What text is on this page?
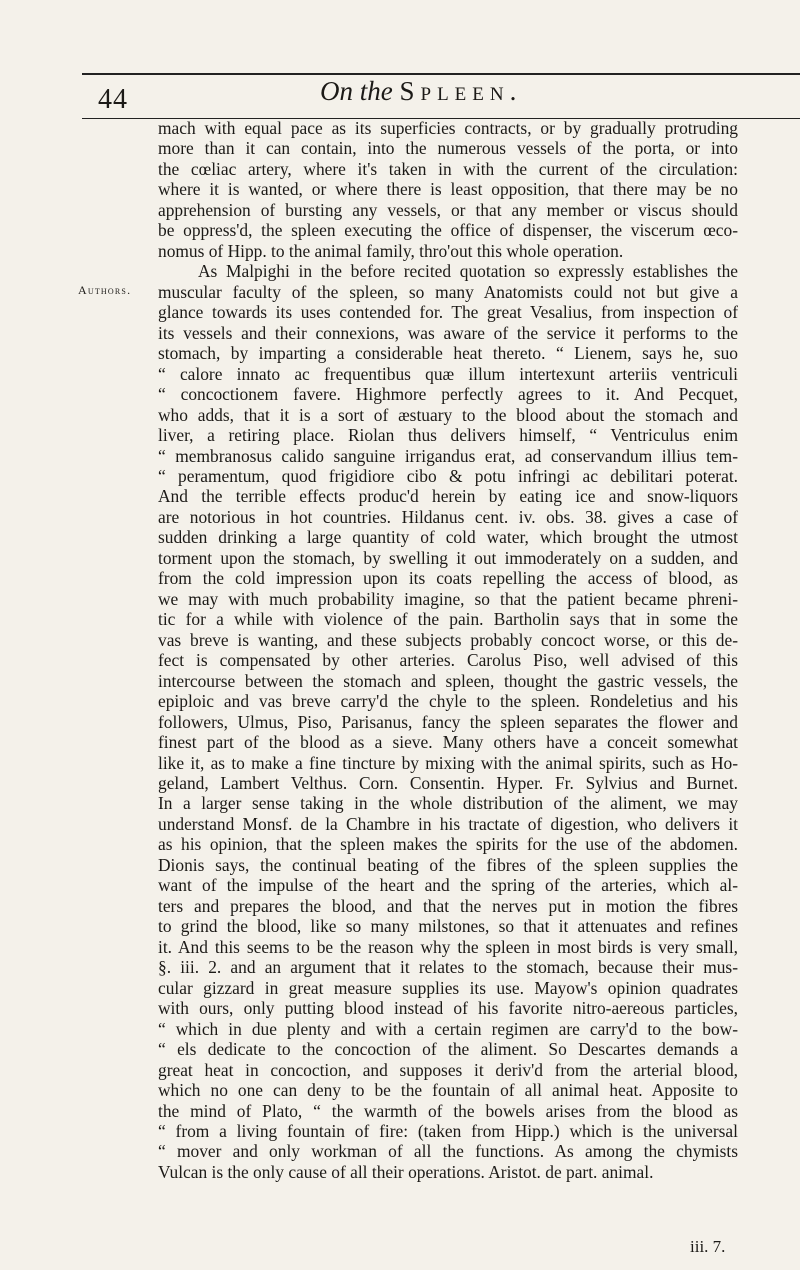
44	On the Spleen.
Authors.
mach with equal pace as its superficies contracts, or by gradually protruding
more than it can contain, into the numerous vessels of the porta, or into
the cœliac artery, where it's taken in with the current of the circulation:
where it is wanted, or where there is least opposition, that there may be no
apprehension of bursting any vessels, or that any member or viscus should
be oppress'd, the spleen executing the office of dispenser, the viscerum œco-
nomus of Hipp. to the animal family, thro'out this whole operation.
As Malpighi in the before recited quotation so expressly establishes the
muscular faculty of the spleen, so many Anatomists could not but give a
glance towards its uses contended for. The great Vesalius, from inspection of
its vessels and their connexions, was aware of the service it performs to the
stomach, by imparting a considerable heat thereto. “ Lienem, says he, suo
“ calore innato ac frequentibus quæ illum intertexunt arteriis ventriculi
“ concoctionem favere. Highmore perfectly agrees to it. And Pecquet,
who adds, that it is a sort of æstuary to the blood about the stomach and
liver, a retiring place. Riolan thus delivers himself, “ Ventriculus enim
“ membranosus calido sanguine irrigandus erat, ad conservandum illius tem-
“ peramentum, quod frigidiore cibo & potu infringi ac debilitari poterat.
And the terrible effects produc'd herein by eating ice and snow-liquors
are notorious in hot countries. Hildanus cent. iv. obs. 38. gives a case of
sudden drinking a large quantity of cold water, which brought the utmost
torment upon the stomach, by swelling it out immoderately on a sudden, and
from the cold impression upon its coats repelling the access of blood, as
we may with much probability imagine, so that the patient became phreni-
tic for a while with violence of the pain. Bartholin says that in some the
vas breve is wanting, and these subjects probably concoct worse, or this de-
fect is compensated by other arteries. Carolus Piso, well advised of this
intercourse between the stomach and spleen, thought the gastric vessels, the
epiploic and vas breve carry'd the chyle to the spleen. Rondeletius and his
followers, Ulmus, Piso, Parisanus, fancy the spleen separates the flower and
finest part of the blood as a sieve. Many others have a conceit somewhat
like it, as to make a fine tincture by mixing with the animal spirits, such as Ho-
geland, Lambert Velthus. Corn. Consentin. Hyper. Fr. Sylvius and Burnet.
In a larger sense taking in the whole distribution of the aliment, we may
understand Monsf. de la Chambre in his tractate of digestion, who delivers it
as his opinion, that the spleen makes the spirits for the use of the abdomen.
Dionis says, the continual beating of the fibres of the spleen supplies the
want of the impulse of the heart and the spring of the arteries, which al-
ters and prepares the blood, and that the nerves put in motion the fibres
to grind the blood, like so many milstones, so that it attenuates and refines
it. And this seems to be the reason why the spleen in most birds is very small,
§. iii. 2. and an argument that it relates to the stomach, because their mus-
cular gizzard in great measure supplies its use. Mayow's opinion quadrates
with ours, only putting blood instead of his favorite nitro-aereous particles,
“ which in due plenty and with a certain regimen are carry'd to the bow-
“ els dedicate to the concoction of the aliment. So Descartes demands a
great heat in concoction, and supposes it deriv'd from the arterial blood,
which no one can deny to be the fountain of all animal heat. Apposite to
the mind of Plato, “ the warmth of the bowels arises from the blood as
“ from a living fountain of fire: (taken from Hipp.) which is the universal
“ mover and only workman of all the functions. As among the chymists
Vulcan is the only cause of all their operations. Aristot. de part. animal.
iii. 7.
